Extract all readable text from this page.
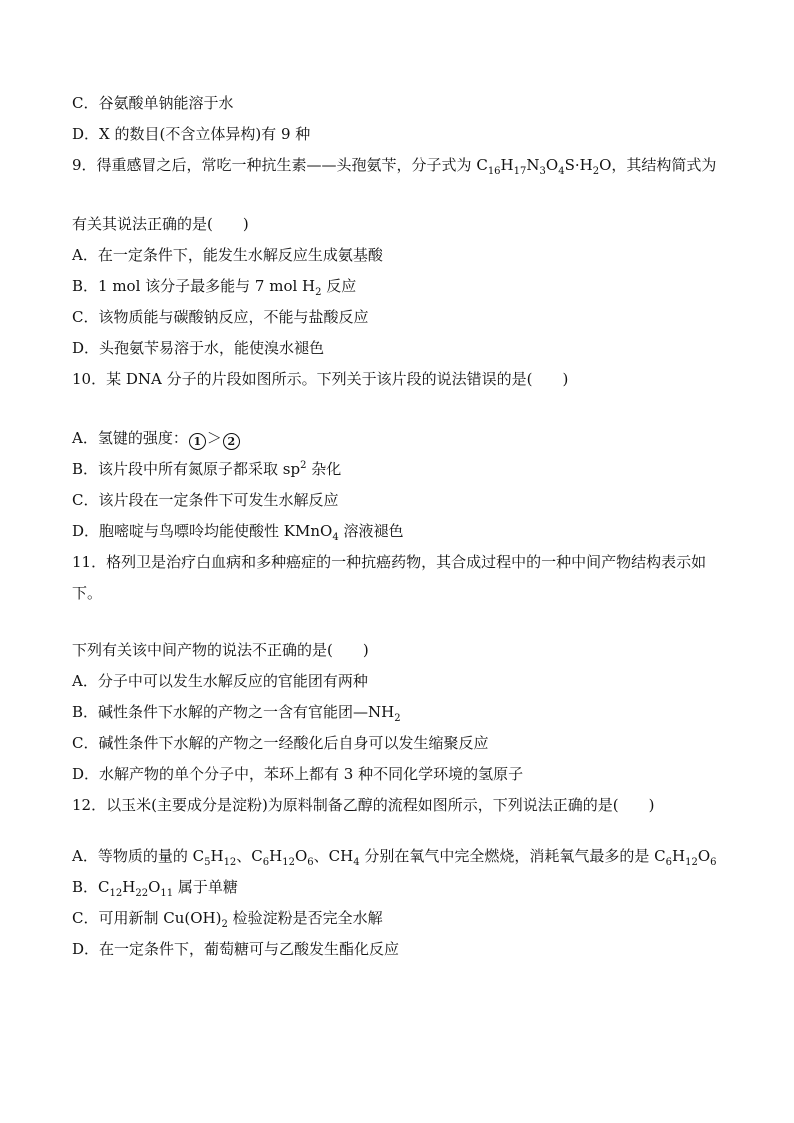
C．谷氨酸单钠能溶于水
D．X 的数目(不含立体异构)有 9 种
9．得重感冒之后，常吃一种抗生素——头孢氨苄，分子式为 $C_{16}H_{17}N_3O_4S\cdot H_2O$，其结构简式为
有关其说法正确的是(　　)
A．在一定条件下，能发生水解反应生成氨基酸
B．1 mol 该分子最多能与 7 mol $H_2$ 反应
C．该物质能与碳酸钠反应，不能与盐酸反应
D．头孢氨苄易溶于水，能使溴水褪色
10．某 DNA 分子的片段如图所示。下列关于该片段的说法错误的是(　　)
A．氢键的强度： 1 ＞ 2
B．该片段中所有氮原子都采取 $sp^2$ 杂化
C．该片段在一定条件下可发生水解反应
D．胞嘧啶与鸟嘌呤均能使酸性 KMnO$_4$ 溶液褪色
11．格列卫是治疗白血病和多种癌症的一种抗癌药物，其合成过程中的一种中间产物结构表示如下。
下列有关该中间产物的说法不正确的是(　　)
A．分子中可以发生水解反应的官能团有两种
B．碱性条件下水解的产物之一含有官能团$—NH_2$
C．碱性条件下水解的产物之一经酸化后自身可以发生缩聚反应
D．水解产物的单个分子中，苯环上都有 3 种不同化学环境的氢原子
12．以玉米(主要成分是淀粉)为原料制备乙醇的流程如图所示，下列说法正确的是(　　)
A．等物质的量的 $C_5H_{12}$、$C_6H_{12}O_6$、$CH_4$ 分别在氧气中完全燃烧，消耗氧气最多的是 $C_6H_{12}O_6$
B．$C_{12}H_{22}O_{11}$ 属于单糖
C．可用新制 $Cu(OH)_2$ 检验淀粉是否完全水解
D．在一定条件下，葡萄糖可与乙酸发生酯化反应
